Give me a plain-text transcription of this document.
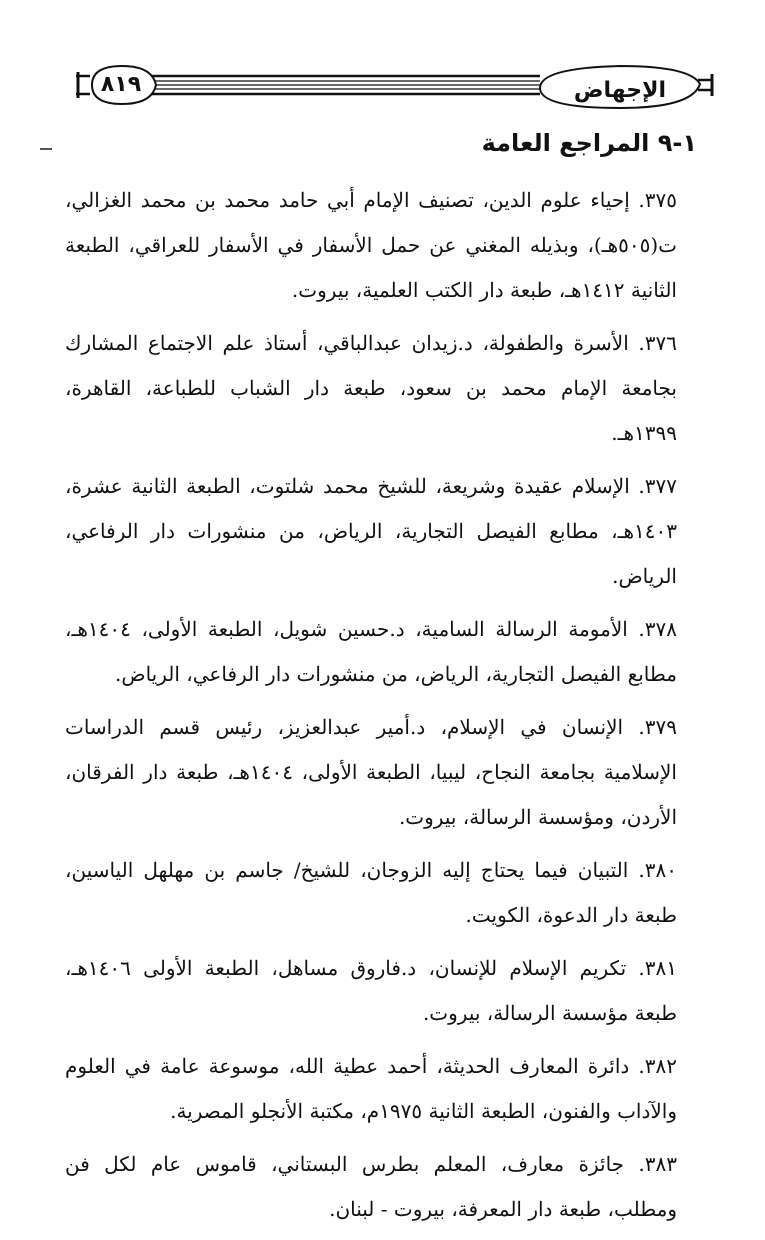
الإجهاض
٨١٩
١-٩ المراجع العامة
٣٧٥. إحياء علوم الدين، تصنيف الإمام أبي حامد محمد بن محمد الغزالي، ت(٥٠٥هـ)، وبذيله المغني عن حمل الأسفار في الأسفار للعراقي، الطبعة الثانية ١٤١٢هـ، طبعة دار الكتب العلمية، بيروت.
٣٧٦. الأسرة والطفولة، د.زيدان عبدالباقي، أستاذ علم الاجتماع المشارك بجامعة الإمام محمد بن سعود، طبعة دار الشباب للطباعة، القاهرة، ١٣٩٩هـ.
٣٧٧. الإسلام عقيدة وشريعة، للشيخ محمد شلتوت، الطبعة الثانية عشرة، ١٤٠٣هـ، مطابع الفيصل التجارية، الرياض، من منشورات دار الرفاعي، الرياض.
٣٧٨. الأمومة الرسالة السامية، د.حسين شويل، الطبعة الأولى، ١٤٠٤هـ، مطابع الفيصل التجارية، الرياض، من منشورات دار الرفاعي، الرياض.
٣٧٩. الإنسان في الإسلام، د.أمير عبدالعزيز، رئيس قسم الدراسات الإسلامية بجامعة النجاح، ليبيا، الطبعة الأولى، ١٤٠٤هـ، طبعة دار الفرقان، الأردن، ومؤسسة الرسالة، بيروت.
٣٨٠. التبيان فيما يحتاج إليه الزوجان، للشيخ/ جاسم بن مهلهل الياسين، طبعة دار الدعوة، الكويت.
٣٨١. تكريم الإسلام للإنسان، د.فاروق مساهل، الطبعة الأولى ١٤٠٦هـ، طبعة مؤسسة الرسالة، بيروت.
٣٨٢. دائرة المعارف الحديثة، أحمد عطية الله، موسوعة عامة في العلوم والآداب والفنون، الطبعة الثانية ١٩٧٥م، مكتبة الأنجلو المصرية.
٣٨٣. جائزة معارف، المعلم بطرس البستاني، قاموس عام لكل فن ومطلب، طبعة دار المعرفة، بيروت - لبنان.
